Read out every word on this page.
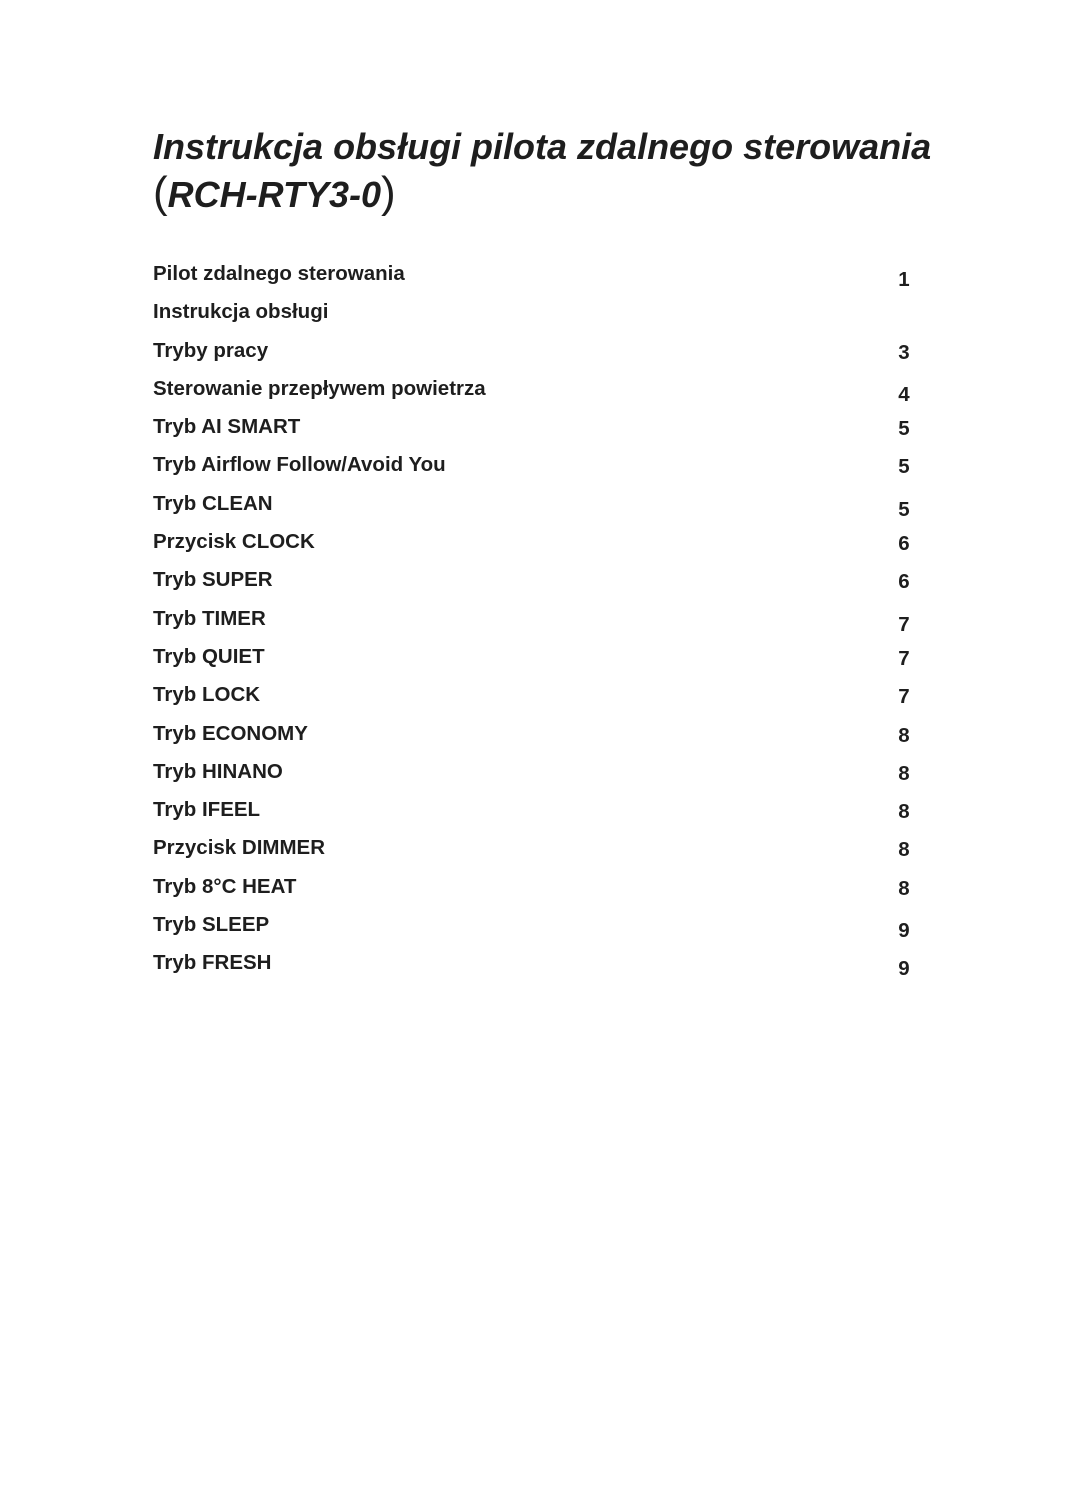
Instrukcja obsługi pilota zdalnego sterowania
(RCH-RTY3-0)
Pilot zdalnego sterowania	1
Instrukcja obsługi
Tryby pracy	3
Sterowanie przepływem powietrza	4
Tryb AI SMART	5
Tryb Airflow Follow/Avoid You	5
Tryb CLEAN	5
Przycisk CLOCK	6
Tryb SUPER	6
Tryb TIMER	7
Tryb QUIET	7
Tryb LOCK	7
Tryb ECONOMY	8
Tryb HINANO	8
Tryb IFEEL	8
Przycisk DIMMER	8
Tryb 8°C HEAT	8
Tryb SLEEP	9
Tryb FRESH	9
